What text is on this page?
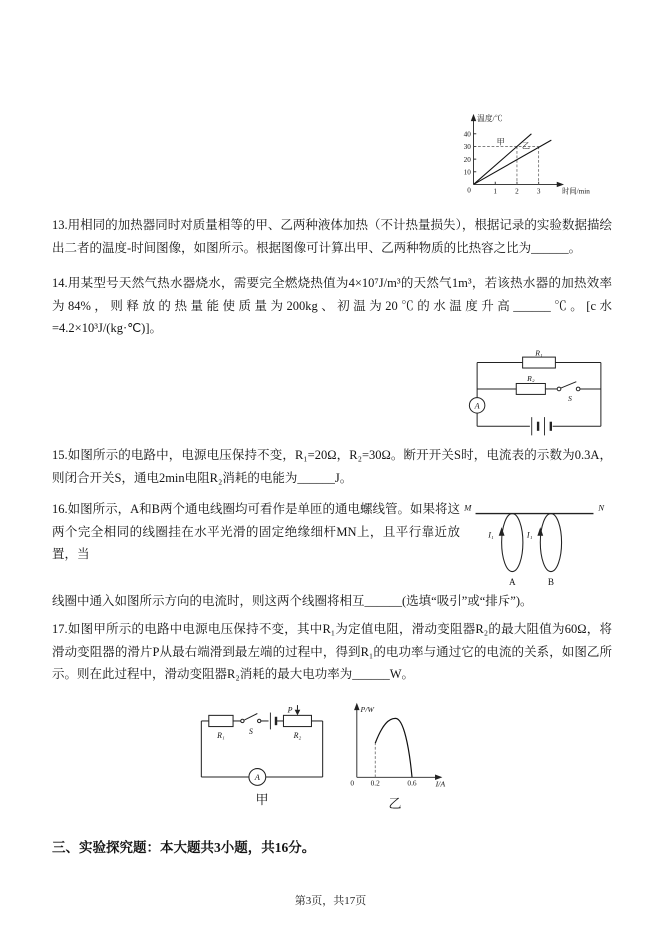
温度/℃
40
30
20
10
0	1 2 3	时间/min
甲 乙

13.用相同的加热器同时对质量相等的甲、乙两种液体加热（不计热量损失），根据记录的实验数据描绘出二者的温度-时间图像，如图所示。根据图像可计算出甲、乙两种物质的比热容之比为______。

14.用某型号天然气热水器烧水，需要完全燃烧热值为4×10⁷J/m³的天然气1m³，若该热水器的加热效率为84%，则释放的热量能使质量为200kg、初温为20℃的水温度升高______℃。[c水=4.2×10³J/(kg·℃)]。

A
R₁
R₂
S

15.如图所示的电路中，电源电压保持不变，R₁=20Ω，R₂=30Ω。断开开关S时，电流表的示数为0.3A，则闭合开关S，通电2min电阻R₂消耗的电能为______J。

16.如图所示，A和B两个通电线圈均可看作是单匝的通电螺线管。如果将这两个完全相同的线圈挂在水平光滑的固定绝缘细杆MN上，且平行靠近放置，当

M	N
I₁	I₁
A	B

线圈中通入如图所示方向的电流时，则这两个线圈将相互______(选填“吸引”或“排斥”)。

17.如图甲所示的电路中电源电压保持不变，其中R₁为定值电阻，滑动变阻器R₂的最大阻值为60Ω，将滑动变阻器的滑片P从最右端滑到最左端的过程中，得到R₁的电功率与通过它的电流的关系，如图乙所示。则在此过程中，滑动变阻器R₂消耗的最大电功率为______W。

A
R₁	S
P
R₂
P/W
I/A
0 0.2	0.6
甲	乙
三、实验探究题：本大题共3小题，共16分。
第3页，共17页
